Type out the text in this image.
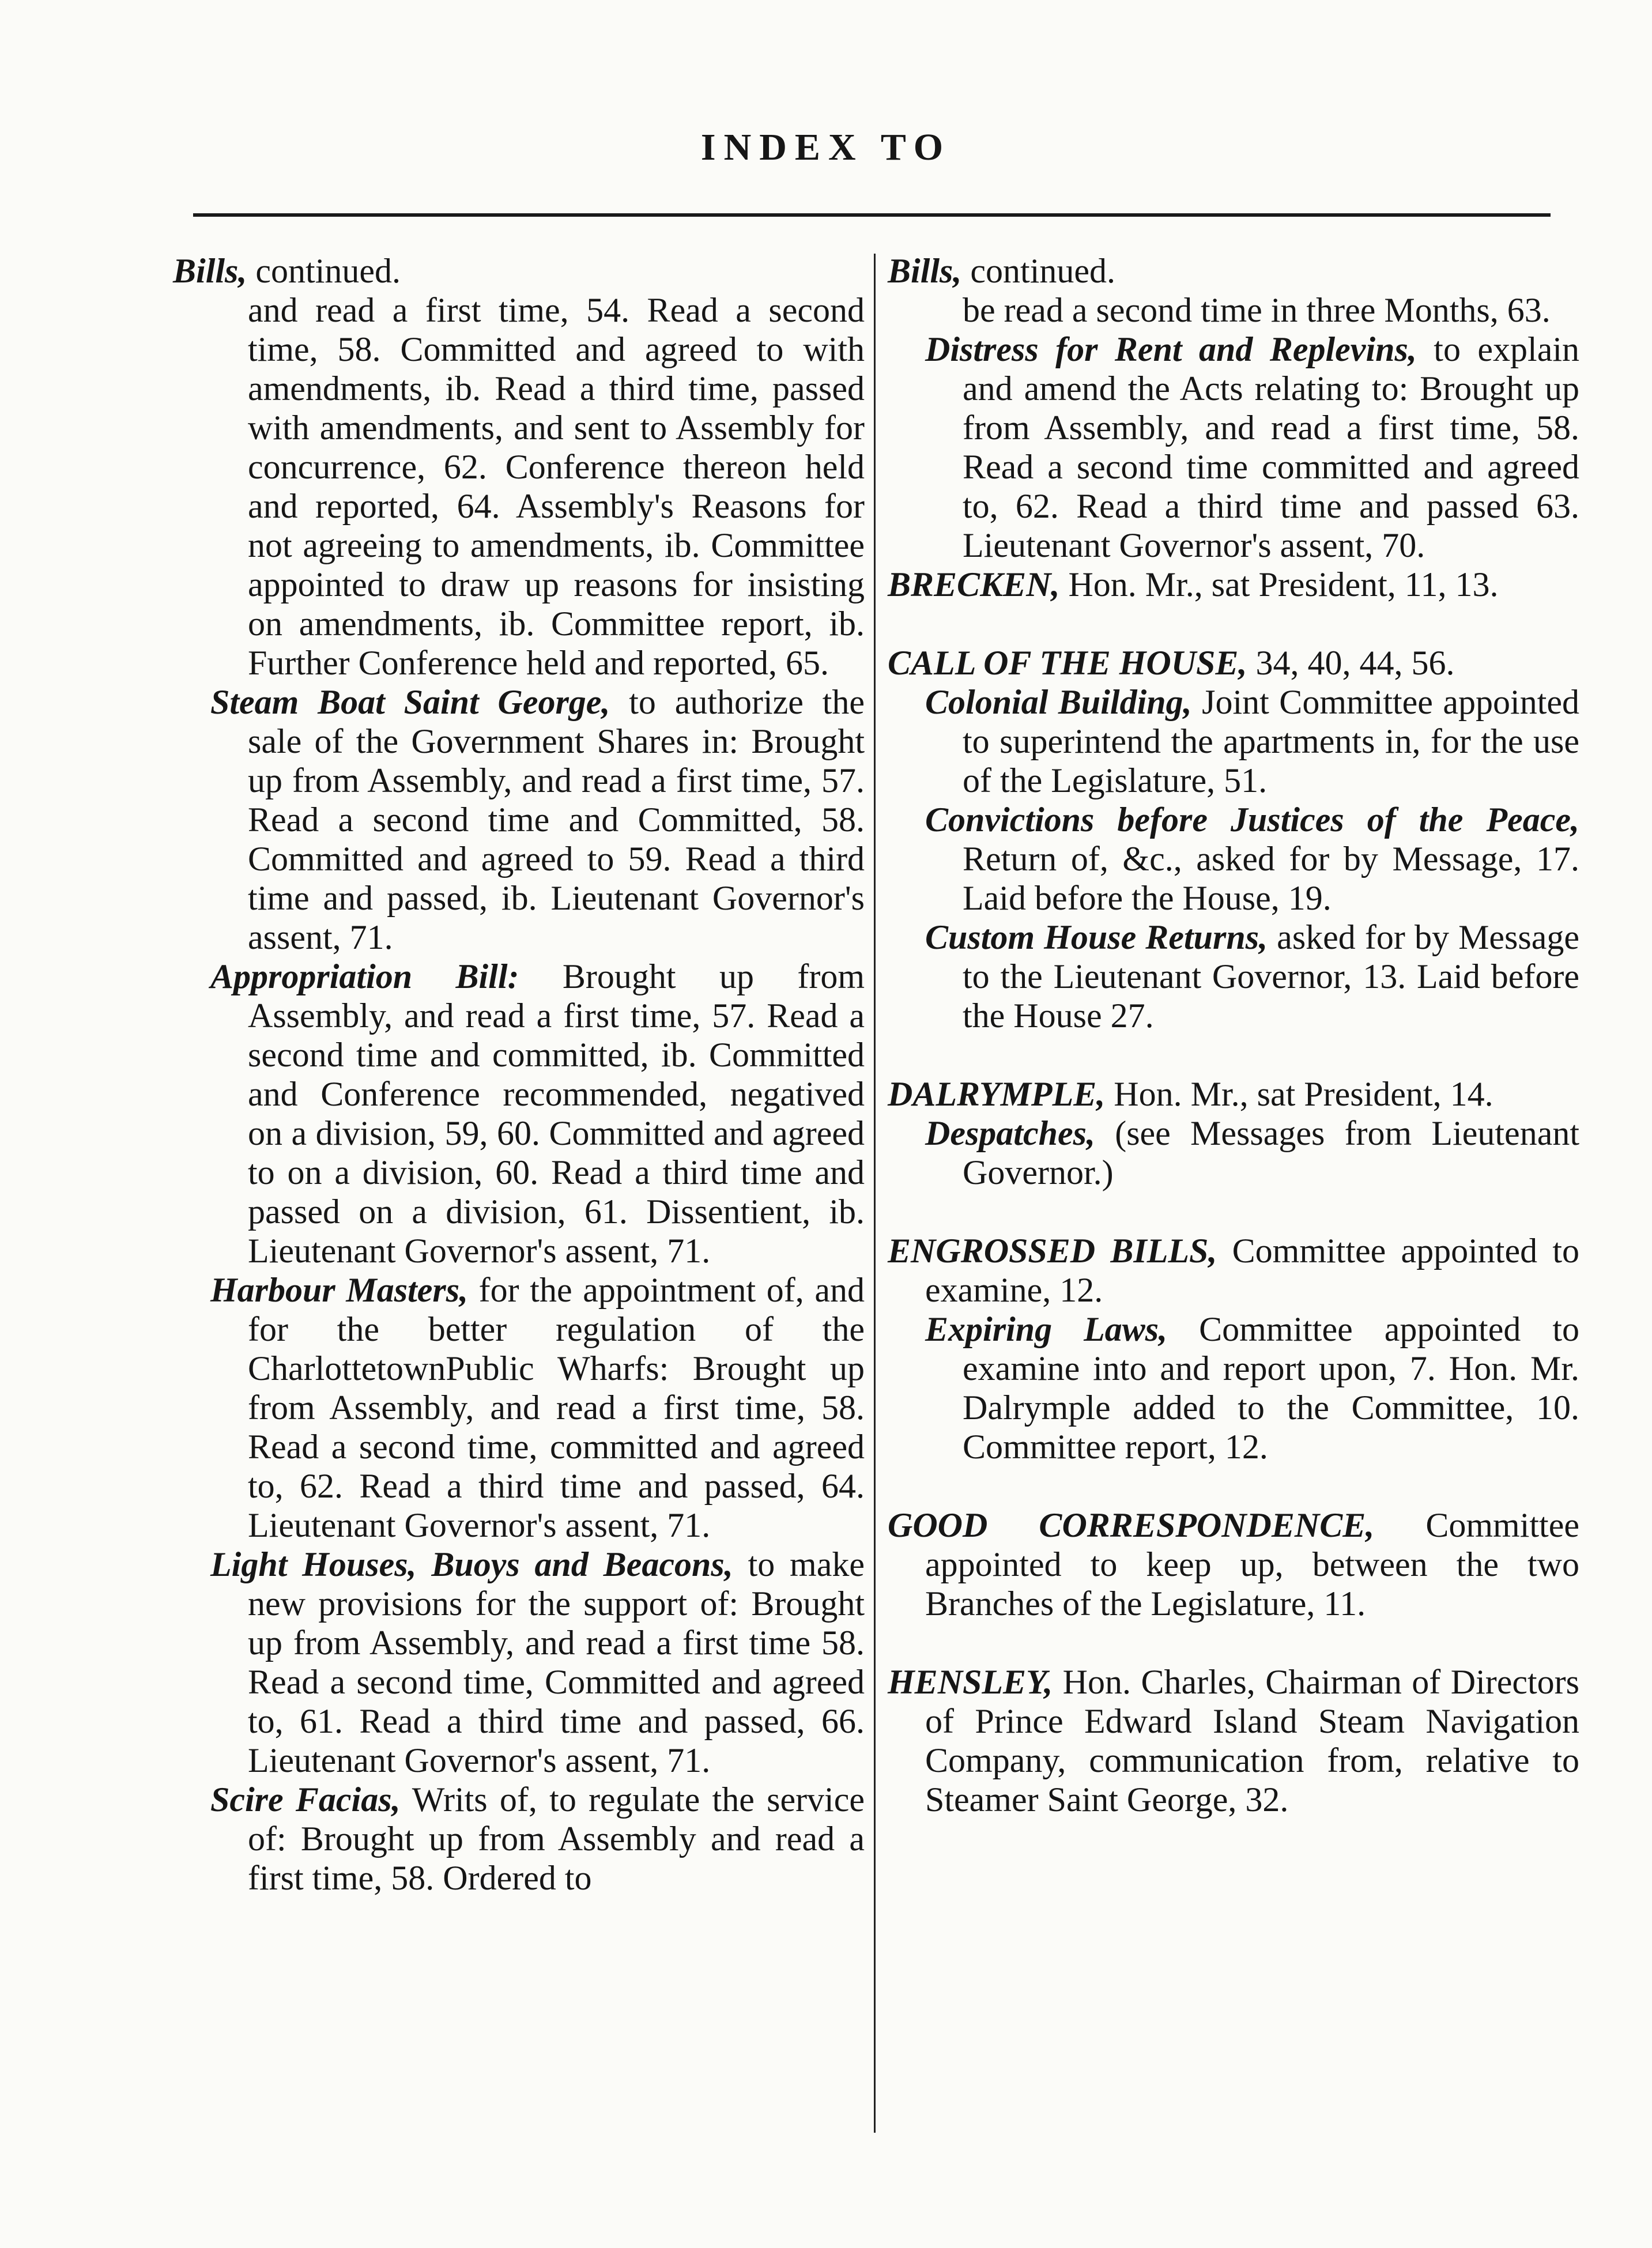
INDEX TO

Bills, continued.

and read a first time, 54. Read a second time, 58. Committed and agreed to with amendments, ib. Read a third time, passed with amendments, and sent to Assembly for concurrence, 62. Conference thereon held and reported, 64. Assembly's Reasons for not agreeing to amendments, ib. Committee appointed to draw up reasons for insisting on amendments, ib. Committee report, ib. Further Conference held and reported, 65.

Steam Boat Saint George, to authorize the sale of the Government Shares in: Brought up from Assembly, and read a first time, 57. Read a second time and Committed, 58. Committed and agreed to 59. Read a third time and passed, ib. Lieutenant Governor's assent, 71.

Appropriation Bill: Brought up from Assembly, and read a first time, 57. Read a second time and committed, ib. Committed and Conference recommended, negatived on a division, 59, 60. Committed and agreed to on a division, 60. Read a third time and passed on a division, 61. Dissentient, ib. Lieutenant Governor's assent, 71.

Harbour Masters, for the appointment of, and for the better regulation of the CharlottetownPublic Wharfs: Brought up from Assembly, and read a first time, 58. Read a second time, committed and agreed to, 62. Read a third time and passed, 64. Lieutenant Governor's assent, 71.

Light Houses, Buoys and Beacons, to make new provisions for the support of: Brought up from Assembly, and read a first time 58. Read a second time, Committed and agreed to, 61. Read a third time and passed, 66. Lieutenant Governor's assent, 71.

Scire Facias, Writs of, to regulate the service of: Brought up from Assembly and read a first time, 58. Ordered to

Bills, continued.

be read a second time in three Months, 63.

Distress for Rent and Replevins, to explain and amend the Acts relating to: Brought up from Assembly, and read a first time, 58. Read a second time committed and agreed to, 62. Read a third time and passed 63. Lieutenant Governor's assent, 70.

BRECKEN, Hon. Mr., sat President, 11, 13.

CALL OF THE HOUSE, 34, 40, 44, 56.

Colonial Building, Joint Committee appointed to superintend the apartments in, for the use of the Legislature, 51.

Convictions before Justices of the Peace, Return of, &c., asked for by Message, 17. Laid before the House, 19.

Custom House Returns, asked for by Message to the Lieutenant Governor, 13. Laid before the House 27.

DALRYMPLE, Hon. Mr., sat President, 14.

Despatches, (see Messages from Lieutenant Governor.)

ENGROSSED BILLS, Committee appointed to examine, 12.

Expiring Laws, Committee appointed to examine into and report upon, 7. Hon. Mr. Dalrymple added to the Committee, 10. Committee report, 12.

GOOD CORRESPONDENCE, Committee appointed to keep up, between the two Branches of the Legislature, 11.

HENSLEY, Hon. Charles, Chairman of Directors of Prince Edward Island Steam Navigation Company, communication from, relative to Steamer Saint George, 32.
